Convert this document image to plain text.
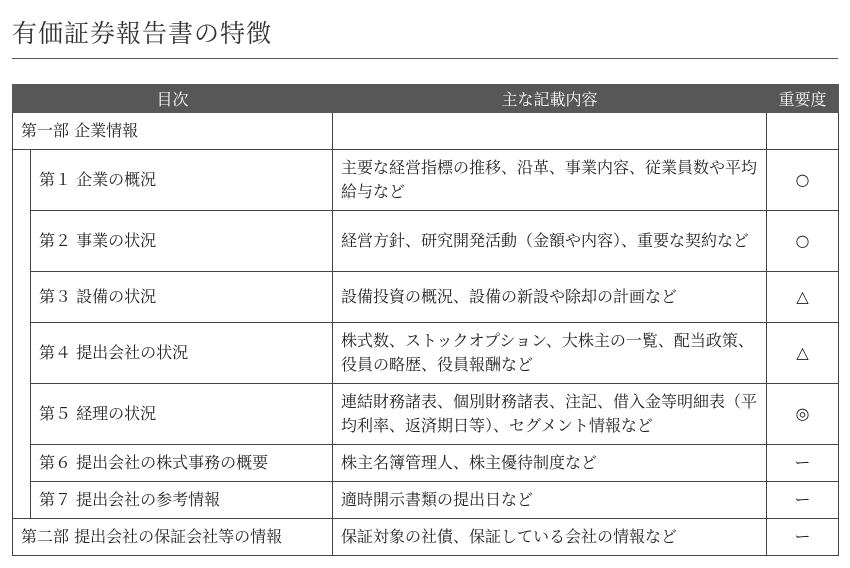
有価証券報告書の特徴
目次		主な記載内容	重要度
第一部 企業情報			
	第１ 企業の概況	主要な経営指標の推移、沿革、事業内容、従業員数や平均給与など	○
	第２ 事業の状況	経営方針、研究開発活動（金額や内容）、重要な契約など	○
	第３ 設備の状況	設備投資の概況、設備の新設や除却の計画など	△
	第４ 提出会社の状況	株式数、ストックオプション、大株主の一覧、配当政策、役員の略歴、役員報酬など	△
	第５ 経理の状況	連結財務諸表、個別財務諸表、注記、借入金等明細表（平均利率、返済期日等）、セグメント情報など	◎
	第６ 提出会社の株式事務の概要	株主名簿管理人、株主優待制度など	ー
	第７ 提出会社の参考情報	適時開示書類の提出日など	ー
第二部 提出会社の保証会社等の情報		保証対象の社債、保証している会社の情報など	ー
